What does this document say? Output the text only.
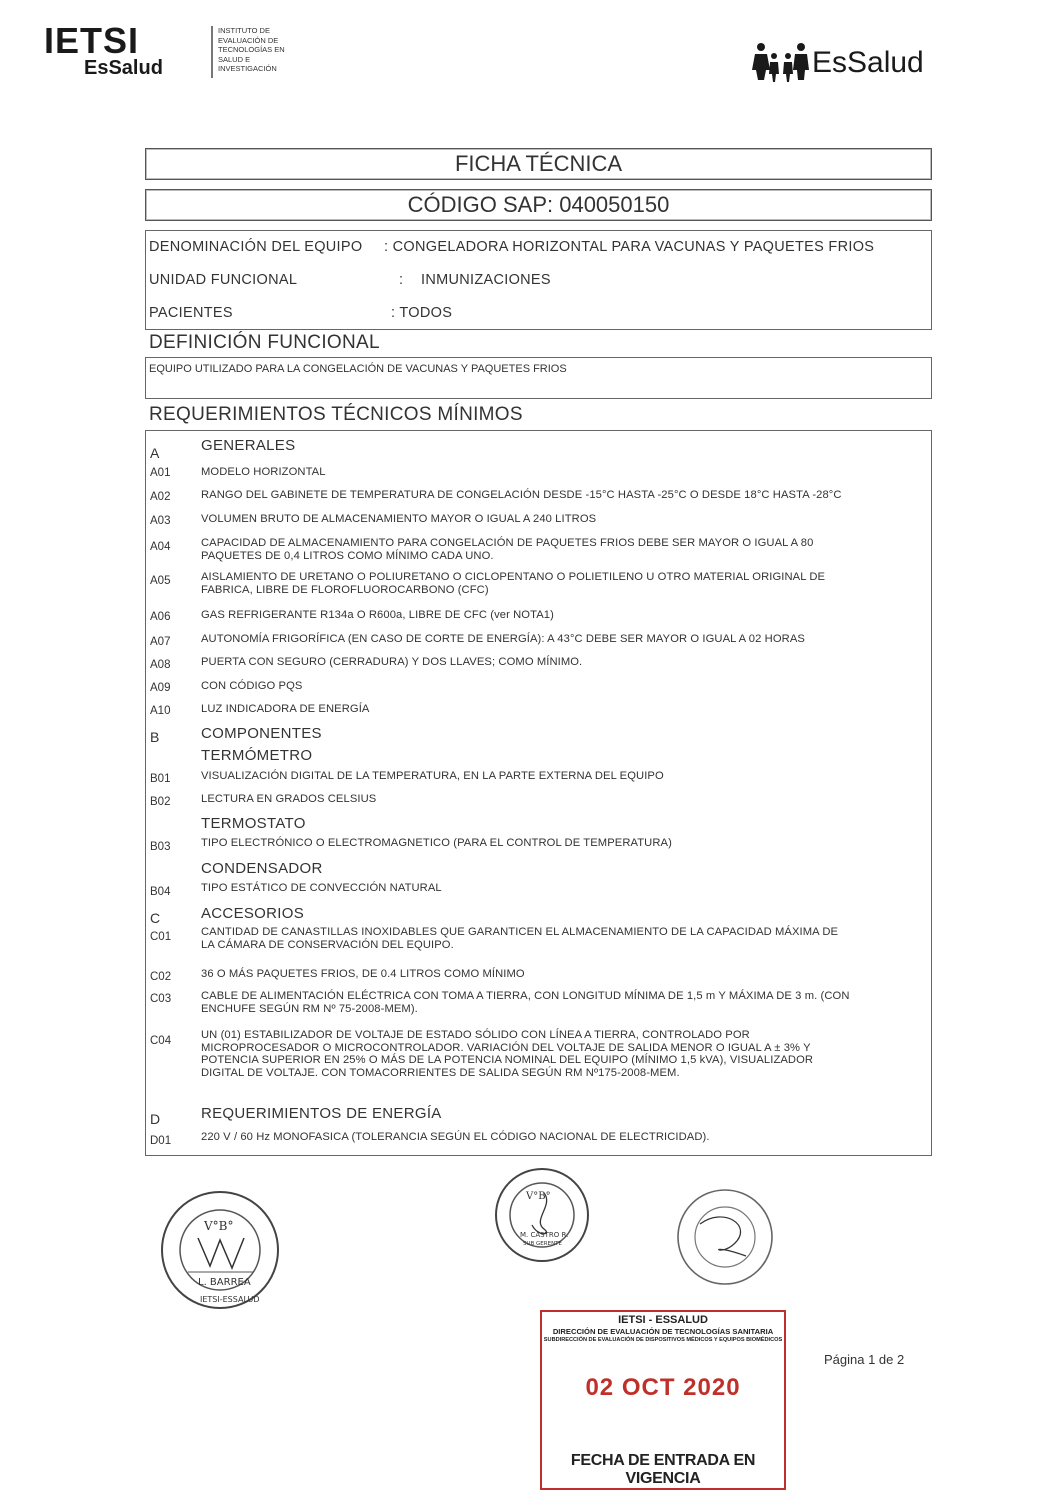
IETSI
EsSalud
INSTITUTO DE
EVALUACIÓN DE
TECNOLOGÍAS EN
SALUD E
INVESTIGACIÓN	EsSalud
FICHA TÉCNICA
CÓDIGO SAP: 040050150
DENOMINACIÓN DEL EQUIPO : CONGELADORA HORIZONTAL PARA VACUNAS Y PAQUETES FRIOS
UNIDAD FUNCIONAL	: INMUNIZACIONES
PACIENTES	: TODOS
DEFINICIÓN FUNCIONAL
EQUIPO UTILIZADO PARA LA CONGELACIÓN DE VACUNAS Y PAQUETES FRIOS
REQUERIMIENTOS TÉCNICOS MÍNIMOS
A	GENERALES
A01	MODELO HORIZONTAL
A02	RANGO DEL GABINETE DE TEMPERATURA DE CONGELACIÓN DESDE -15°C HASTA -25°C O DESDE 18°C HASTA -28°C
A03	VOLUMEN BRUTO DE ALMACENAMIENTO MAYOR O IGUAL A 240 LITROS
A04	CAPACIDAD DE ALMACENAMIENTO PARA CONGELACIÓN DE PAQUETES FRIOS DEBE SER MAYOR O IGUAL A 80
PAQUETES DE 0,4 LITROS COMO MÍNIMO CADA UNO.
A05	AISLAMIENTO DE URETANO O POLIURETANO O CICLOPENTANO O POLIETILENO U OTRO MATERIAL ORIGINAL DE
FABRICA, LIBRE DE FLOROFLUOROCARBONO (CFC)
A06	GAS REFRIGERANTE R134a O R600a, LIBRE DE CFC (ver NOTA1)
A07	AUTONOMÍA FRIGORÍFICA (EN CASO DE CORTE DE ENERGÍA): A 43°C DEBE SER MAYOR O IGUAL A 02 HORAS
A08	PUERTA CON SEGURO (CERRADURA) Y DOS LLAVES; COMO MÍNIMO.
A09	CON CÓDIGO PQS
A10	LUZ INDICADORA DE ENERGÍA
B	COMPONENTES
TERMÓMETRO
B01	VISUALIZACIÓN DIGITAL DE LA TEMPERATURA, EN LA PARTE EXTERNA DEL EQUIPO
B02	LECTURA EN GRADOS CELSIUS
TERMOSTATO
B03	TIPO ELECTRÓNICO O ELECTROMAGNETICO (PARA EL CONTROL DE TEMPERATURA)
CONDENSADOR
B04	TIPO ESTÁTICO DE CONVECCIÓN NATURAL
C	ACCESORIOS
C01	CANTIDAD DE CANASTILLAS INOXIDABLES QUE GARANTICEN EL ALMACENAMIENTO DE LA CAPACIDAD MÁXIMA DE
LA CÁMARA DE CONSERVACIÓN DEL EQUIPO.
C02	36 O MÁS PAQUETES FRIOS, DE 0.4 LITROS COMO MÍNIMO
C03	CABLE DE ALIMENTACIÓN ELÉCTRICA CON TOMA A TIERRA, CON LONGITUD MÍNIMA DE 1,5 m Y MÁXIMA DE 3 m. (CON
ENCHUFE SEGÚN RM Nº 75-2008-MEM).
C04	UN (01) ESTABILIZADOR DE VOLTAJE DE ESTADO SÓLIDO CON LÍNEA A TIERRA, CONTROLADO POR
MICROPROCESADOR O MICROCONTROLADOR. VARIACIÓN DEL VOLTAJE DE SALIDA MENOR O IGUAL A ± 3% Y
POTENCIA SUPERIOR EN 25% O MÁS DE LA POTENCIA NOMINAL DEL EQUIPO (MÍNIMO 1,5 kVA), VISUALIZADOR
DIGITAL DE VOLTAJE. CON TOMACORRIENTES DE SALIDA SEGÚN RM Nº175-2008-MEM.
D	REQUERIMIENTOS DE ENERGÍA
D01	220 V / 60 Hz MONOFASICA (TOLERANCIA SEGÚN EL CÓDIGO NACIONAL DE ELECTRICIDAD).
V°B°
L. BARREA
IETSI-ESSALUD
V°B°
M. CASTRO R.
SUB GERENTE
IETSI - ESSALUD
DIRECCIÓN DE EVALUACIÓN DE TECNOLOGÍAS SANITARIA
SUBDIRECCIÓN DE EVALUACIÓN DE DISPOSITIVOS MÉDICOS Y EQUIPOS BIOMÉDICOS
02 OCT 2020
FECHA DE ENTRADA EN VIGENCIA
Página 1 de 2
